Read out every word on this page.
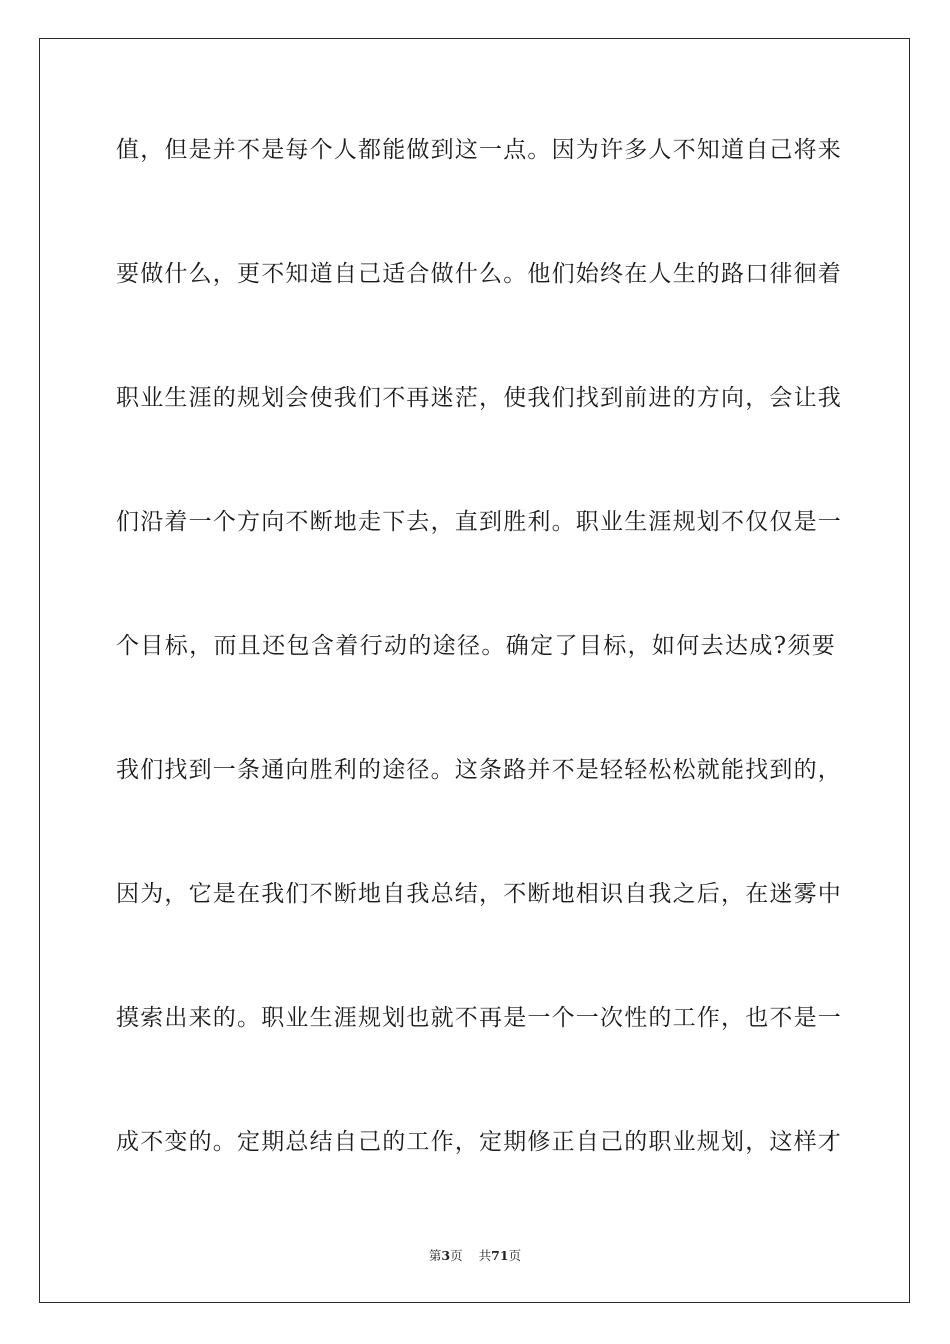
值，但是并不是每个人都能做到这一点。因为许多人不知道自己将来
要做什么，更不知道自己适合做什么。他们始终在人生的路口徘徊着
职业生涯的规划会使我们不再迷茫，使我们找到前进的方向，会让我
们沿着一个方向不断地走下去，直到胜利。职业生涯规划不仅仅是一
个目标，而且还包含着行动的途径。确定了目标，如何去达成?须要
我们找到一条通向胜利的途径。这条路并不是轻轻松松就能找到的，
因为，它是在我们不断地自我总结，不断地相识自我之后，在迷雾中
摸索出来的。职业生涯规划也就不再是一个一次性的工作，也不是一
成不变的。定期总结自己的工作，定期修正自己的职业规划，这样才
第3页 共71页
